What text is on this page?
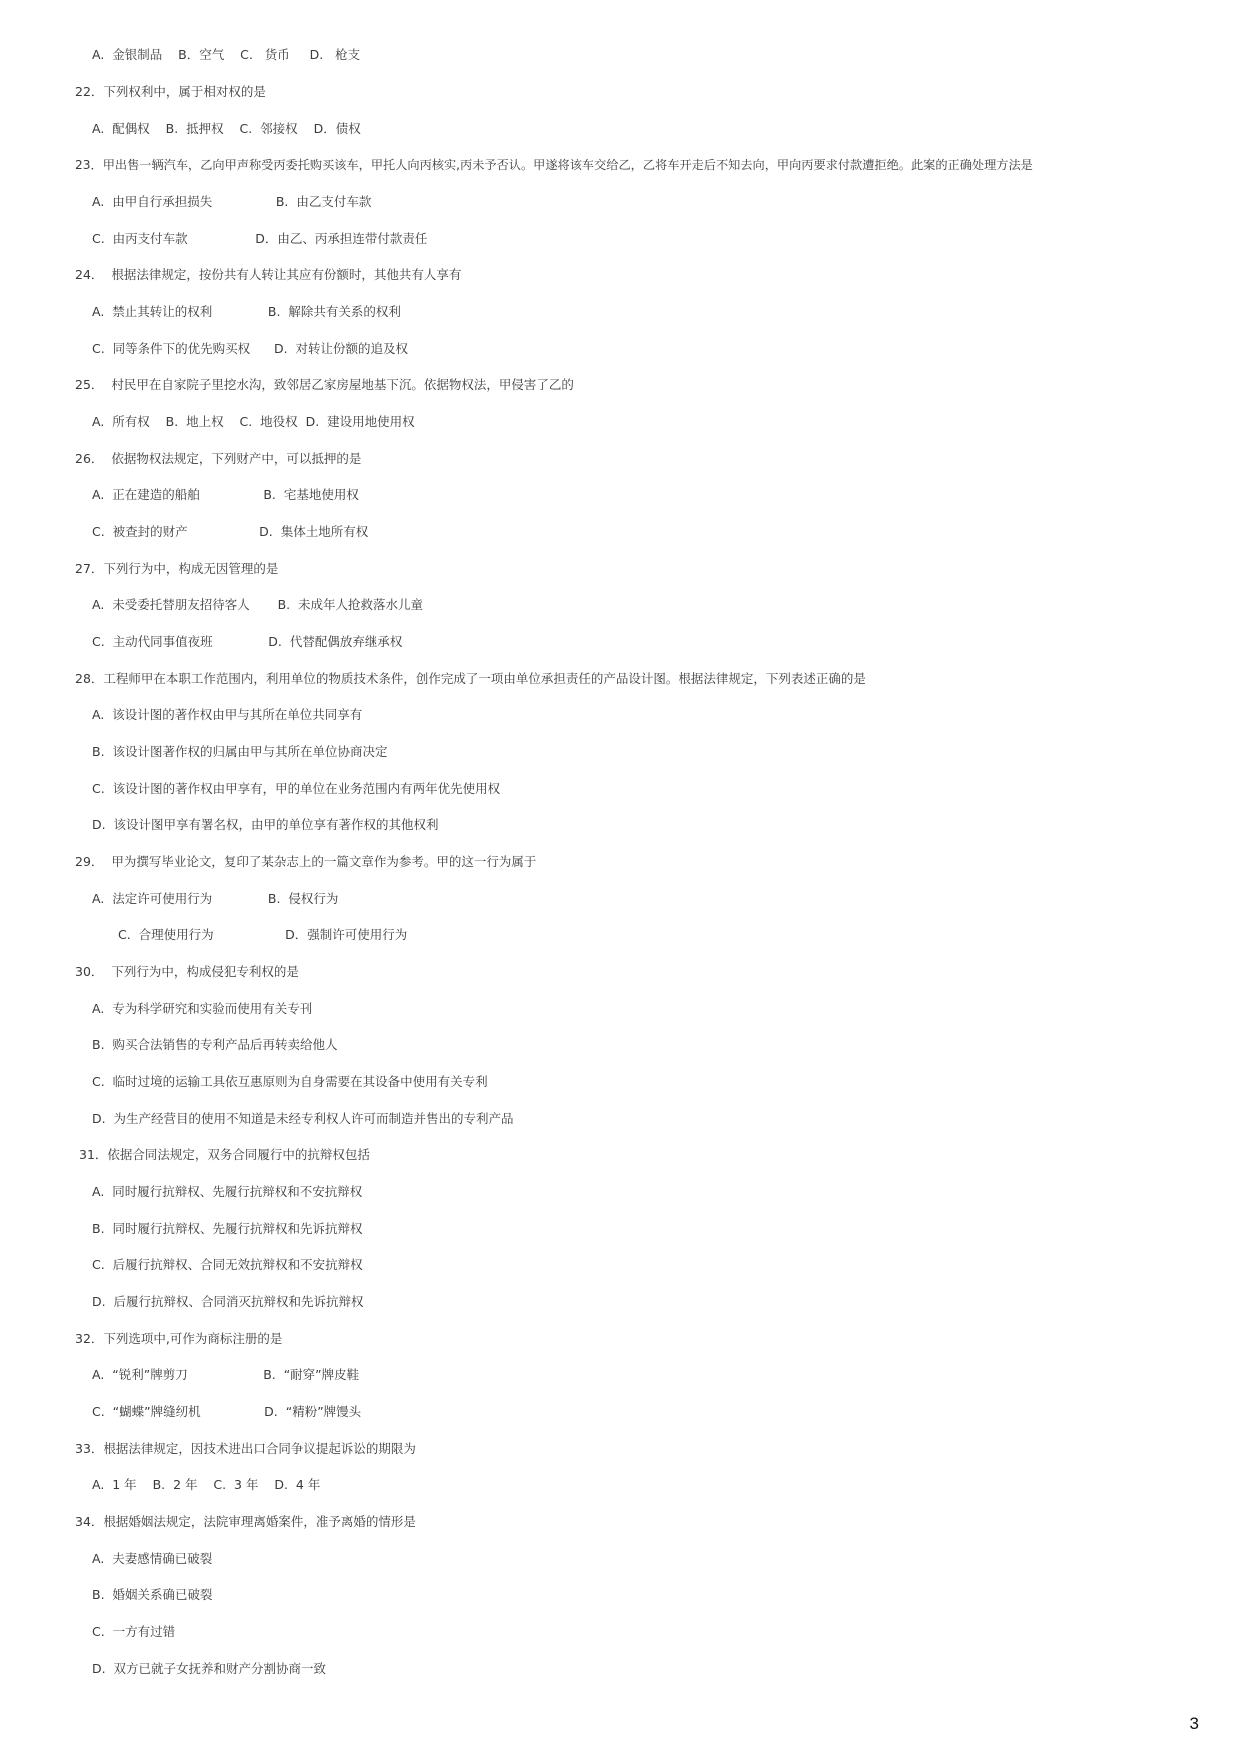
A.  金银制品    B．空气    C.   货币     D.   枪支
22．下列权利中，属于相对权的是
A.  配偶权    B.  抵押权    C.  邻接权    D．债权
23．甲出售一辆汽车，乙向甲声称受丙委托购买该车，甲托人向丙核实,丙未予否认。甲遂将该车交给乙，乙将车开走后不知去向，甲向丙要求付款遭拒绝。此案的正确处理方法是
A.  由甲自行承担损失                B.  由乙支付车款
C.  由丙支付车款                 D．由乙、丙承担连带付款责任
24．  根据法律规定，按份共有人转让其应有份额时，其他共有人享有
A.  禁止其转让的权利              B.  解除共有关系的权利
C.  同等条件下的优先购买权      D.  对转让份额的追及权
25．  村民甲在自家院子里挖水沟，致邻居乙家房屋地基下沉。依据物权法，甲侵害了乙的
A.  所有权    B.  地上权    C.  地役权  D.  建设用地使用权
26．  依据物权法规定，下列财产中，可以抵押的是
A.  正在建造的船舶                B.  宅基地使用权
C.  被查封的财产                  D.  集体土地所有权
27．下列行为中，构成无因管理的是
A.  未受委托替朋友招待客人       B.  未成年人抢救落水儿童
C.  主动代同事值夜班              D.  代替配偶放弃继承权
28．工程师甲在本职工作范围内，利用单位的物质技术条件，创作完成了一项由单位承担责任的产品设计图。根据法律规定，下列表述正确的是
A.  该设计图的著作权由甲与其所在单位共同享有
B.  该设计图著作权的归属由甲与其所在单位协商决定
C.  该设计图的著作权由甲享有，甲的单位在业务范围内有两年优先使用权
D.  该设计图甲享有署名权，由甲的单位享有著作权的其他权利
29．  甲为撰写毕业论文，复印了某杂志上的一篇文章作为参考。甲的这一行为属于
A.  法定许可使用行为              B.  侵权行为
C.  合理使用行为                  D．强制许可使用行为
30．  下列行为中，构成侵犯专利权的是
A.  专为科学研究和实验而使用有关专刊
B.  购买合法销售的专利产品后再转卖给他人
C.  临时过境的运输工具依互惠原则为自身需要在其设备中使用有关专利
D.  为生产经营目的使用不知道是未经专利权人许可而制造并售出的专利产品
31．依据合同法规定，双务合同履行中的抗辩权包括
A.  同时履行抗辩权、先履行抗辩权和不安抗辩权
B.  同时履行抗辩权、先履行抗辩权和先诉抗辩权
C.  后履行抗辩权、合同无效抗辩权和不安抗辩权
D.  后履行抗辩权、合同消灭抗辩权和先诉抗辩权
32．下列选项中,可作为商标注册的是
A.  “锐利”牌剪刀                   B.  “耐穿”牌皮鞋
C.  “蝴蝶”牌缝纫机                D.  “精粉”牌馒头
33．根据法律规定，因技术进出口合同争议提起诉讼的期限为
A.  1 年    B.  2 年    C.  3 年    D.  4 年
34．根据婚姻法规定，法院审理离婚案件，准予离婚的情形是
A.  夫妻感情确已破裂
B.  婚姻关系确已破裂
C.  一方有过错
D.  双方已就子女抚养和财产分割协商一致
3
